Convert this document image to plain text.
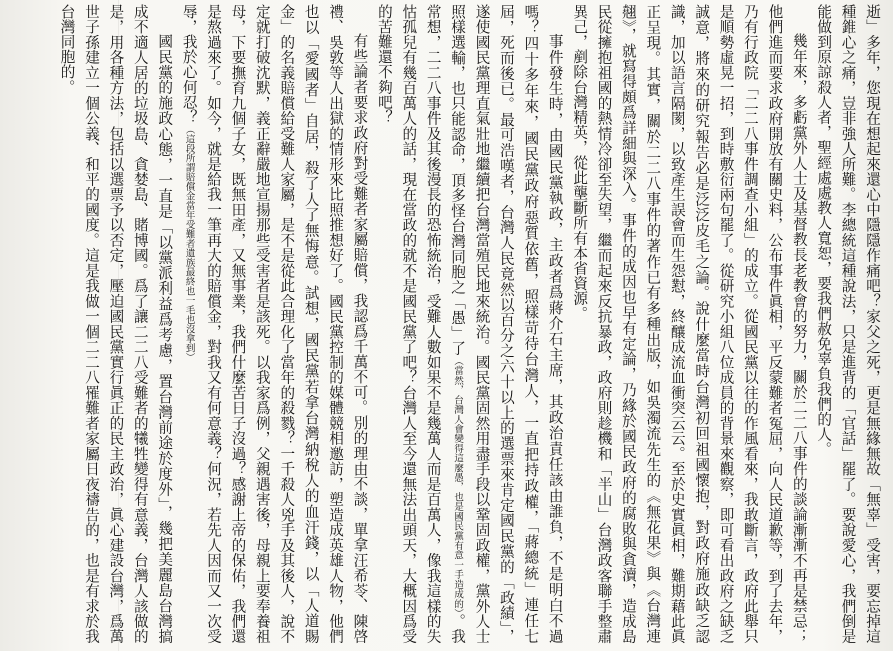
逝」多年，您現在想起來還心中隱隱作痛吧？家父之死，更是無緣無故「無辜」受害，要忘掉這種錐心之痛，豈非強人所難。李總統這種說法，只是進背的「官話」罷了。要說愛心，我們倒是能做到原諒殺人者，聖經處處教人寬恕，要我們赦免辜負我們的人。

幾年來，多虧黨外人士及基督教長老教會的努力，關於二二八事件的談論漸漸不再是禁忌；他們進而要求政府開放有關史料，公布事件眞相，平反蒙難者冤屈，向人民道歉等，到了去年，乃有行政院「二二八事件調查小組」的成立。從國民黨以往的作風看來，我敢斷言，政府此舉只是順勢虛晃一招，到時敷衍兩句罷了。從研究小組八位成員的背景來觀察，即可看出政府之缺乏誠意，將來的研究報告必是泛泛皮毛之論。說什麼當時台灣初回祖國懷抱，對政府施政缺乏認識，加以語言隔閡，以致產生誤會而生怨懟，終釀成流血衝突云云。至於史實眞相，難期藉此眞正呈現。其實，關於二二八事件的著作已有多種出版，如吳濁流先生的《無花果》與《台灣連翹》，就寫得頗爲詳細與深入。事件的成因也早有定論，乃緣於國民政府的腐敗與貪瀆，造成島民從擁抱祖國的熱情冷卻至失望，繼而起來反抗暴政，政府則趁機和「半山」台灣政客聯手整肅異己，剷除台灣精英，從此壟斷所有本省資源。

事件發生時，由國民黨執政，主政者爲蔣介石主席，其政治責任該由誰負，不是明白不過嗎？四十多年來，國民黨政府惡質依舊，照樣苛待台灣人，一直把持政權，「蔣總統」連任七屆，死而後已。最可浩嘆者，台灣人民竟然以百分之六十以上的選票來肯定國民黨的「政績」，遂使國民黨理直氣壯地繼續把台灣當殖民地來統治。國民黨固然用盡手段以鞏固政權，黨外人士照樣選輸，也只能認命，頂多怪台灣同胞之「愚」了（當然，台灣人會變得這麼愚，也是國民黨有意一手造成的）。我常想，二二八事件及其後漫長的恐怖統治，受難人數如果不是幾萬人而是百萬人，像我這樣的失怙孤兒有幾百萬人的話，現在當政的就不是國民黨了吧？台灣人至今還無法出頭天，大概因爲受的苦難還不夠吧？

有些論者要求政府對受難者家屬賠償，我認爲千萬不可。別的理由不談，單拿汪希苓、陳啓禮、吳敦等人出獄的情形來比照推想好了。國民黨控制的媒體競相邀訪，塑造成英雄人物，他們也以「愛國者」自居，殺了人了無悔意。試想，國民黨若拿台灣納稅人的血汗錢，以「人道賜金」的名義賠償給受難人家屬，是不是從此合理化了當年的殺戮？一千殺人兇手及其後人，說不定就打破沈默，義正辭嚴地宣揚那些受害者是該死。以我家爲例，父親遇害後，母親上要奉養祖母，下要撫育九個子女，既無田產，又無事業，我們什麼苦日子沒過？感謝上帝的保佑，我們還是熬過來了。如今，就是給我一筆再大的賠償金，對我又有何意義？何況，若先人因而又一次受辱，我於心何忍？（這段所謂賠償金當年受難者遺族最終也一毛也沒拿到）

國民黨的施政心態，一直是「以黨派利益爲考慮，置台灣前途於度外」，幾把美麗島台灣搞成不適人居的垃圾島、貪婪島、賭博國。爲了讓二二八受難者的犧牲變得有意義，台灣人該做的是，用各種方法，包括以選票予以否定，壓迫國民黨實行眞正的民主政治，眞心建設台灣，爲萬世子孫建立一個公義、和平的國度。這是我做一個二二八罹難者家屬日夜禱告的，也是有求於我台灣同胞的。
